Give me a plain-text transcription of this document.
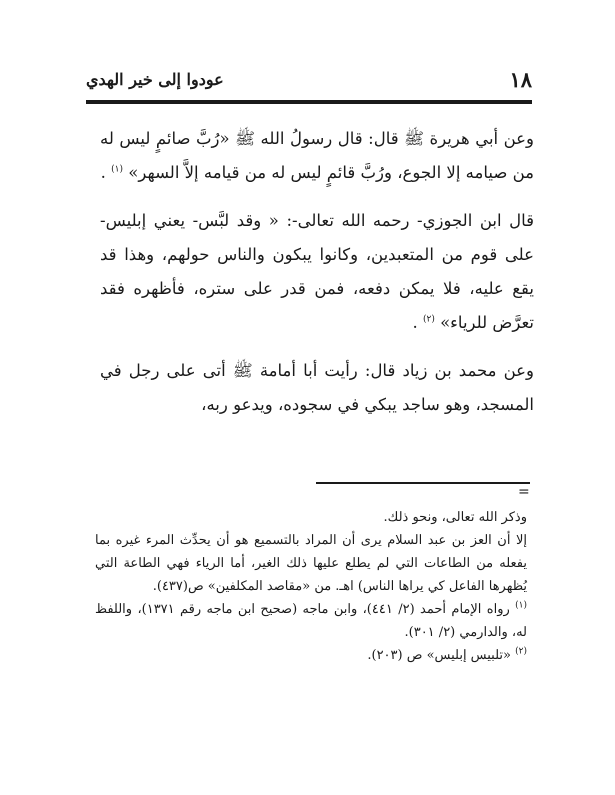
عودوا إلى خير الهدي	١٨

وعن أبي هريرة ﷺ قال: قال رسولُ الله ﷺ «رُبَّ صائمٍ ليس له من صيامه إلا الجوع، ورُبَّ قائمٍ ليس له من قيامه إلاَّ السهر» $^{(١)}$ .

قال ابن الجوزي- رحمه الله تعالى-: « وقد لبَّس- يعني إبليس- على قوم من المتعبدين، وكانوا يبكون والناس حولهم، وهذا قد يقع عليه، فلا يمكن دفعه، فمن قدر على ستره، فأظهره فقد تعرَّض للرياء» $^{(٢)}$ .

وعن محمد بن زياد قال: رأيت أبا أمامة ﷺ أتى على رجل في المسجد، وهو ساجد يبكي في سجوده، ويدعو ربه،

=

وذكر الله تعالى، ونحو ذلك.

إلا أن العز بن عبد السلام يرى أن المراد بالتسميع هو أن يحدِّث المرء غيره بما يفعله من الطاعات التي لم يطلع عليها ذلك الغير، أما الرياء فهي الطاعة التي يُظهرها الفاعل كي يراها الناس) اهـ. من «مقاصد المكلفين» ص(٤٣٧).

$^{(١)}$ رواه الإمام أحمد (٢/ ٤٤١)، وابن ماجه (صحيح ابن ماجه رقم ١٣٧١)، واللفظ له، والدارمي (٢/ ٣٠١).

$^{(٢)}$ «تلبيس إبليس» ص (٢٠٣).
